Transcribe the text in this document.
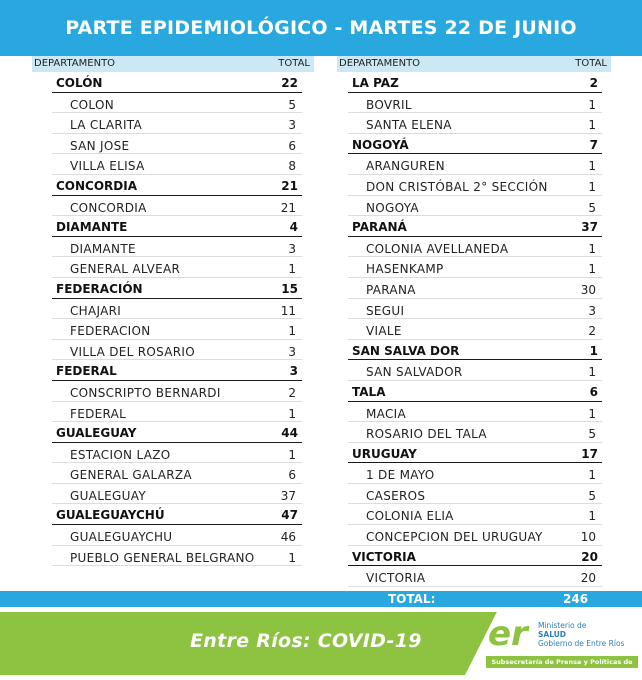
PARTE EPIDEMIOLÓGICO - MARTES 22 DE JUNIO
DEPARTAMENTO	TOTAL	DEPARTAMENTO	TOTAL
COLÓN	22
COLON	5
LA CLARITA	3
SAN JOSE	6
VILLA ELISA	8
CONCORDIA	21
CONCORDIA	21
DIAMANTE	4
DIAMANTE	3
GENERAL ALVEAR	1
FEDERACIÓN	15
CHAJARI	11
FEDERACION	1
VILLA DEL ROSARIO	3
FEDERAL	3
CONSCRIPTO BERNARDI	2
FEDERAL	1
GUALEGUAY	44
ESTACION LAZO	1
GENERAL GALARZA	6
GUALEGUAY	37
GUALEGUAYCHÚ	47
GUALEGUAYCHU	46
PUEBLO GENERAL BELGRANO	1
LA PAZ	2
BOVRIL	1
SANTA ELENA	1
NOGOYÁ	7
ARANGUREN	1
DON CRISTÓBAL 2° SECCIÓN	1
NOGOYA	5
PARANÁ	37
COLONIA AVELLANEDA	1
HASENKAMP	1
PARANA	30
SEGUI	3
VIALE	2
SAN SALVA DOR	1
SAN SALVADOR	1
TALA	6
MACIA	1
ROSARIO DEL TALA	5
URUGUAY	17
1 DE MAYO	1
CASEROS	5
COLONIA ELIA	1
CONCEPCION DEL URUGUAY	10
VICTORIA	20
VICTORIA	20
TOTAL:	246
Entre Ríos: COVID-19 er Ministerio de
SALUD
Gobierno de Entre Ríos
Subsecretaría de Prensa y Políticas de Comunicación
